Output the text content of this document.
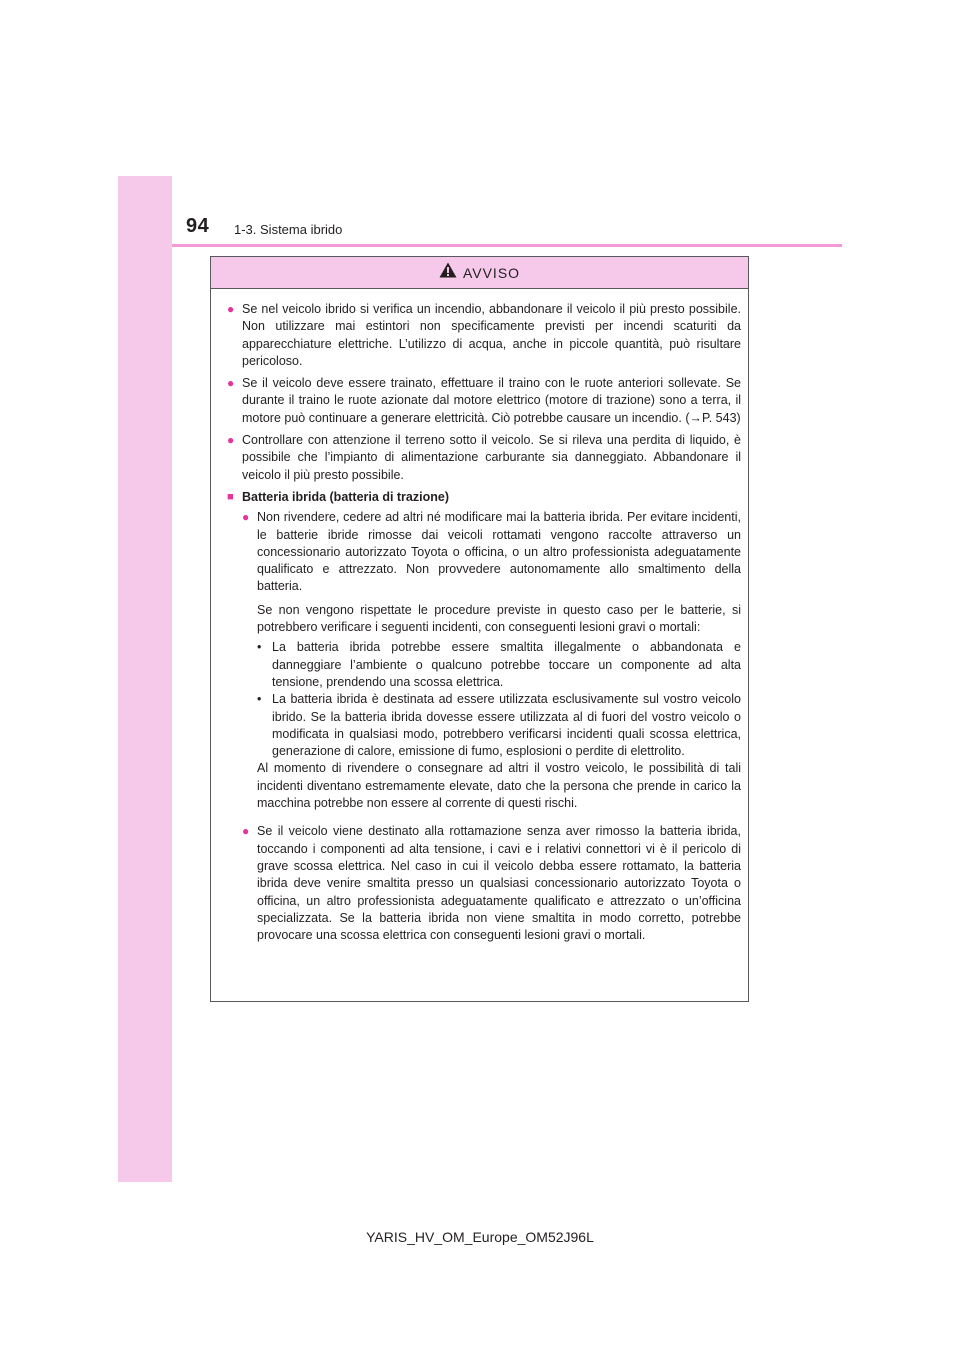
94 1-3. Sistema ibrido
AVVISO
● Se nel veicolo ibrido si verifica un incendio, abbandonare il veicolo il più presto possibile. Non utilizzare mai estintori non specificamente previsti per incendi scaturiti da apparecchiature elettriche. L’utilizzo di acqua, anche in piccole quantità, può risultare pericoloso.
● Se il veicolo deve essere trainato, effettuare il traino con le ruote anteriori sollevate. Se durante il traino le ruote azionate dal motore elettrico (motore di trazione) sono a terra, il motore può continuare a generare elettricità. Ciò potrebbe causare un incendio. (→P. 543)
● Controllare con attenzione il terreno sotto il veicolo. Se si rileva una perdita di liquido, è possibile che l’impianto di alimentazione carburante sia danneggiato. Abbandonare il veicolo il più presto possibile.
■ Batteria ibrida (batteria di trazione)
● Non rivendere, cedere ad altri né modificare mai la batteria ibrida. Per evitare incidenti, le batterie ibride rimosse dai veicoli rottamati vengono raccolte attraverso un concessionario autorizzato Toyota o officina, o un altro professionista adeguatamente qualificato e attrezzato. Non provvedere autonomamente allo smaltimento della batteria.

Se non vengono rispettate le procedure previste in questo caso per le batterie, si potrebbero verificare i seguenti incidenti, con conseguenti lesioni gravi o mortali:

• La batteria ibrida potrebbe essere smaltita illegalmente o abbandonata e danneggiare l’ambiente o qualcuno potrebbe toccare un componente ad alta tensione, prendendo una scossa elettrica.
• La batteria ibrida è destinata ad essere utilizzata esclusivamente sul vostro veicolo ibrido. Se la batteria ibrida dovesse essere utilizzata al di fuori del vostro veicolo o modificata in qualsiasi modo, potrebbero verificarsi incidenti quali scossa elettrica, generazione di calore, emissione di fumo, esplosioni o perdite di elettrolito.

Al momento di rivendere o consegnare ad altri il vostro veicolo, le possibilità di tali incidenti diventano estremamente elevate, dato che la persona che prende in carico la macchina potrebbe non essere al corrente di questi rischi.

● Se il veicolo viene destinato alla rottamazione senza aver rimosso la batteria ibrida, toccando i componenti ad alta tensione, i cavi e i relativi connettori vi è il pericolo di grave scossa elettrica. Nel caso in cui il veicolo debba essere rottamato, la batteria ibrida deve venire smaltita presso un qualsiasi concessionario autorizzato Toyota o officina, un altro professionista adeguatamente qualificato e attrezzato o un’officina specializzata. Se la batteria ibrida non viene smaltita in modo corretto, potrebbe provocare una scossa elettrica con conseguenti lesioni gravi o mortali.
YARIS_HV_OM_Europe_OM52J96L
